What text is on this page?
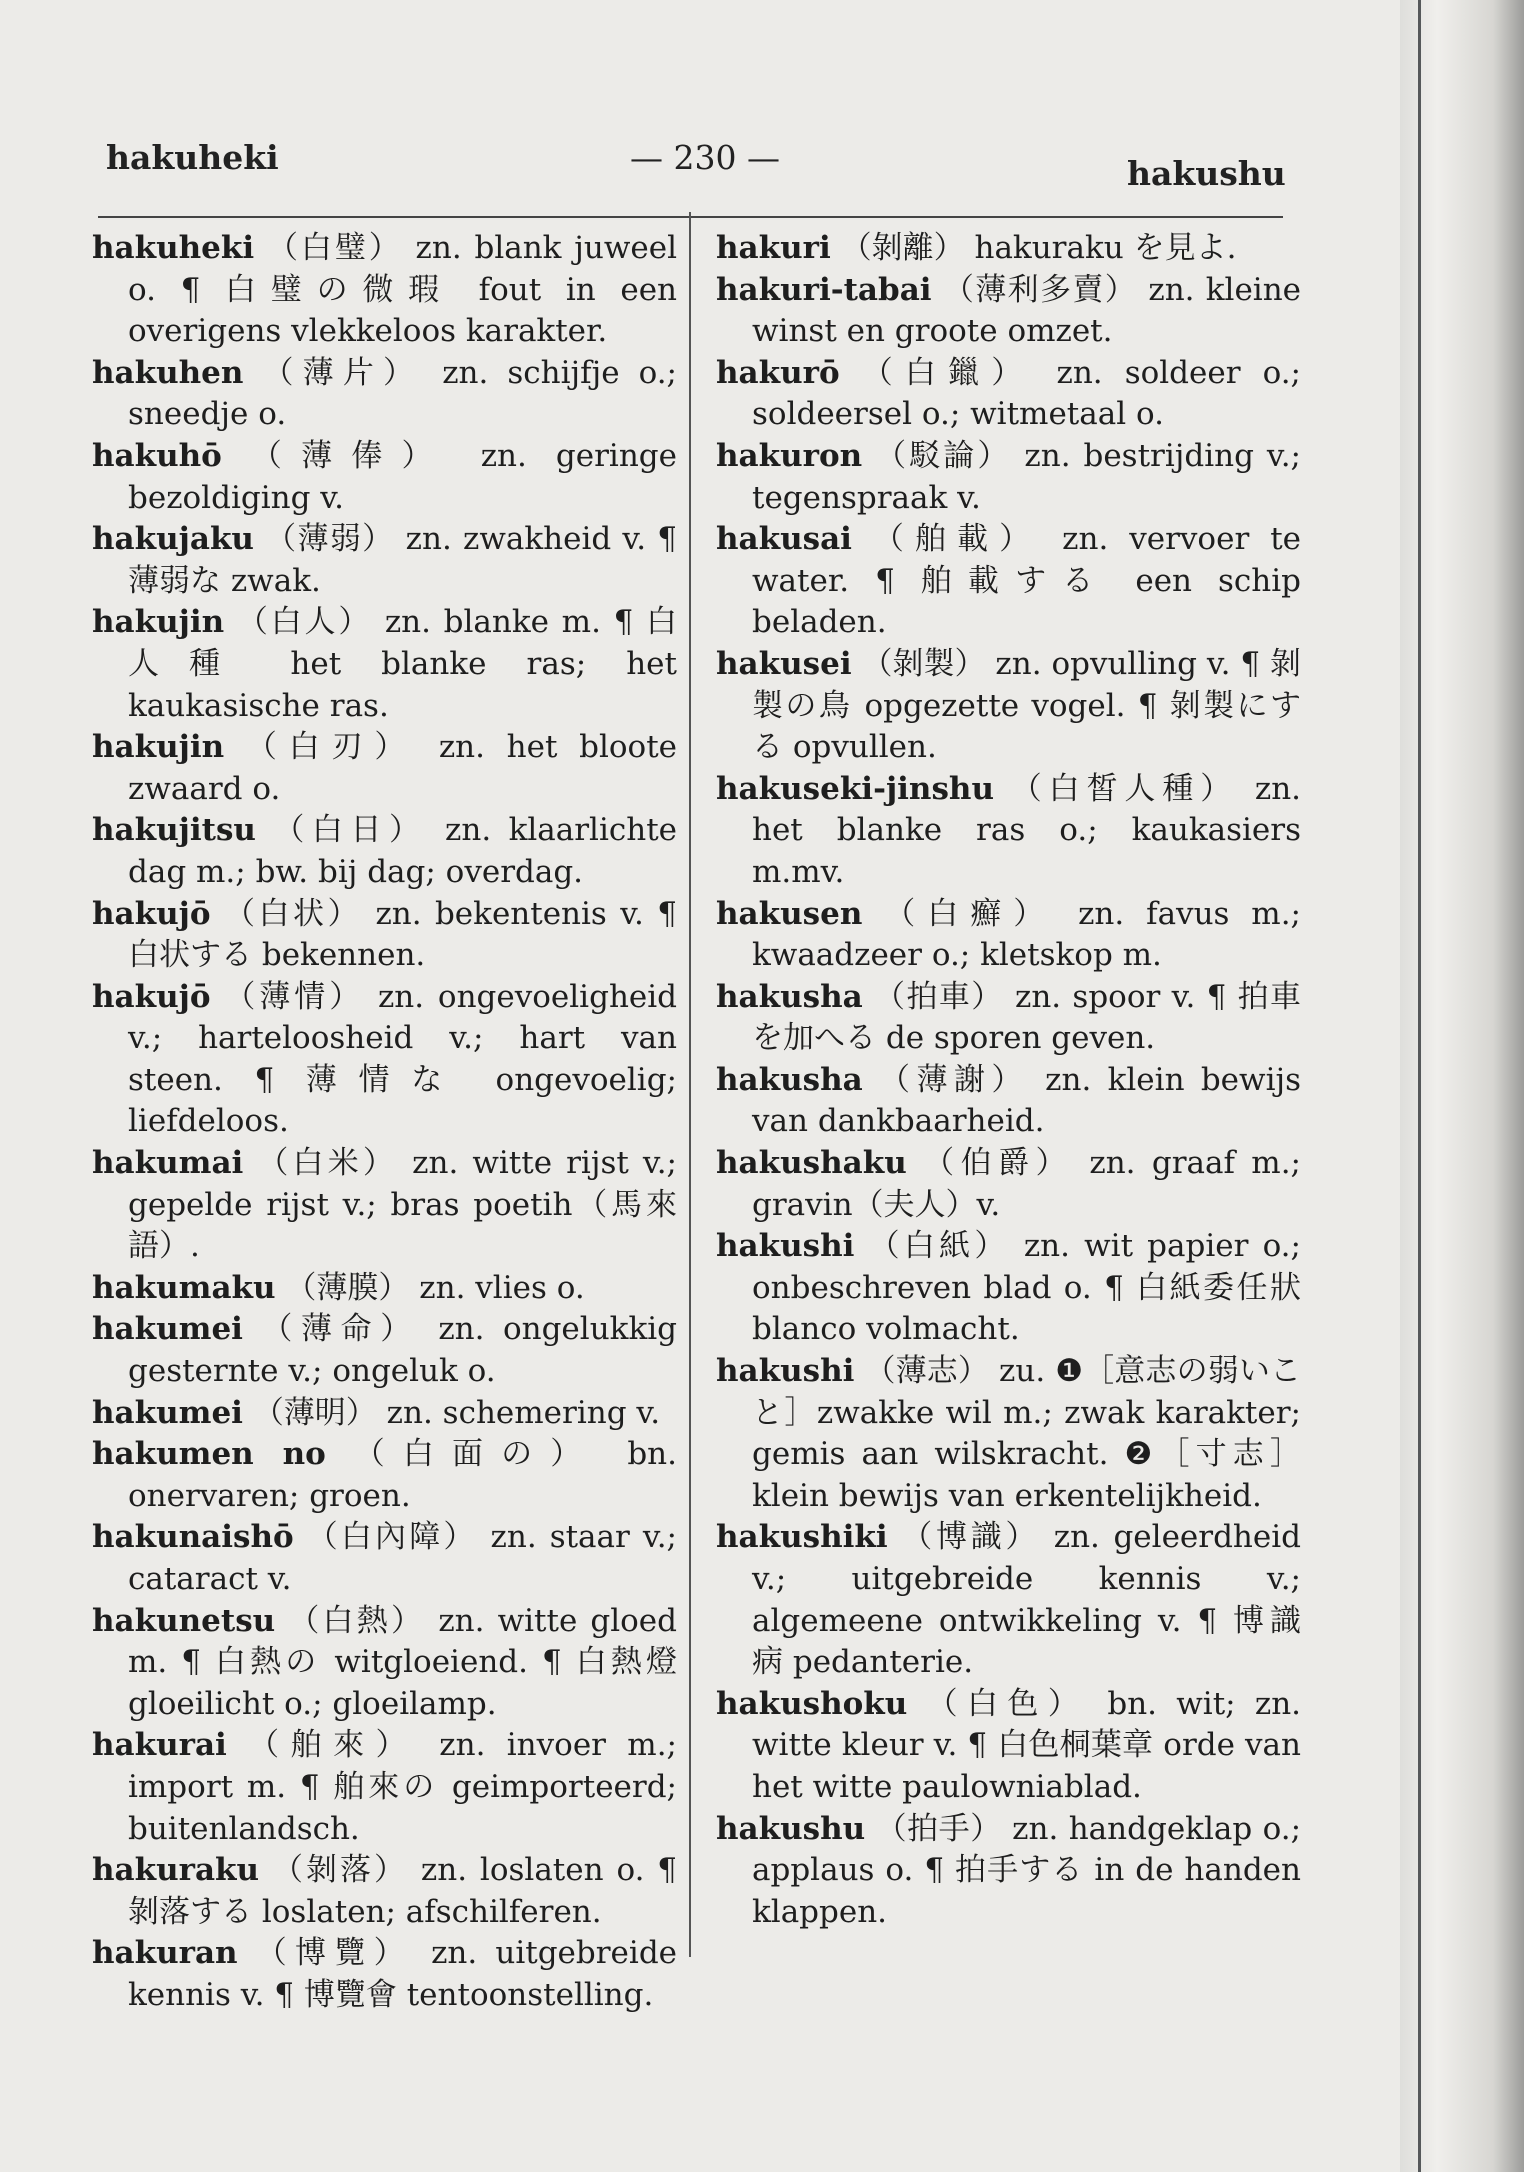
hakuheki	— 230 —	hakushu

hakuheki （白璧） zn. blank juweel o. ¶ 白璧の微瑕 fout in een overigens vlekkeloos karakter.

hakuhen （薄片） zn. schijfje o.; sneedje o.

hakuhō （薄俸） zn. geringe bezoldiging v.

hakujaku （薄弱） zn. zwakheid v. ¶ 薄弱な zwak.

hakujin （白人） zn. blanke m. ¶ 白人種 het blanke ras; het kaukasische ras.

hakujin （白刃） zn. het bloote zwaard o.

hakujitsu （白日） zn. klaarlichte dag m.; bw. bij dag; overdag.

hakujō （白状） zn. bekentenis v. ¶ 白状する bekennen.

hakujō （薄情） zn. ongevoeligheid v.; harteloosheid v.; hart van steen. ¶ 薄情な ongevoelig; liefdeloos.

hakumai （白米） zn. witte rijst v.; gepelde rijst v.; bras poetih（馬來語）.

hakumaku （薄膜） zn. vlies o.

hakumei （薄命） zn. ongelukkig gesternte v.; ongeluk o.

hakumei （薄明） zn. schemering v.

hakumen no （白面の） bn. onervaren; groen.

hakunaishō （白內障） zn. staar v.; cataract v.

hakunetsu （白熱） zn. witte gloed m. ¶ 白熱の witgloeiend. ¶ 白熱燈 gloeilicht o.; gloeilamp.

hakurai （舶來） zn. invoer m.; import m. ¶ 舶來の geimporteerd; buitenlandsch.

hakuraku （剝落） zn. loslaten o. ¶ 剝落する loslaten; afschilferen.

hakuran （博覽） zn. uitgebreide kennis v. ¶ 博覽會 tentoonstelling.

hakuri （剝離） hakuraku を見よ.

hakuri-tabai （薄利多賣） zn. kleine winst en groote omzet.

hakurō （白鑞） zn. soldeer o.; soldeersel o.; witmetaal o.

hakuron （駁論） zn. bestrijding v.; tegenspraak v.

hakusai （舶載） zn. vervoer te water. ¶ 舶載する een schip beladen.

hakusei （剝製） zn. opvulling v. ¶ 剝製の鳥 opgezette vogel. ¶ 剝製にする opvullen.

hakuseki-jinshu （白皙人種） zn. het blanke ras o.; kaukasiers m.mv.

hakusen （白癬） zn. favus m.; kwaadzeer o.; kletskop m.

hakusha （拍車） zn. spoor v. ¶ 拍車を加へる de sporen geven.

hakusha （薄謝） zn. klein bewijs van dankbaarheid.

hakushaku （伯爵） zn. graaf m.; gravin（夫人）v.

hakushi （白紙） zn. wit papier o.; onbeschreven blad o. ¶ 白紙委任狀 blanco volmacht.

hakushi （薄志） zu. ❶［意志の弱いこと］zwakke wil m.; zwak karakter; gemis aan wilskracht. ❷［寸志］klein bewijs van erkentelijkheid.

hakushiki （博識） zn. geleerdheid v.; uitgebreide kennis v.; algemeene ontwikkeling v. ¶ 博識病 pedanterie.

hakushoku （白色） bn. wit; zn. witte kleur v. ¶ 白色桐葉章 orde van het witte paulowniablad.

hakushu （拍手） zn. handgeklap o.; applaus o. ¶ 拍手する in de handen klappen.
